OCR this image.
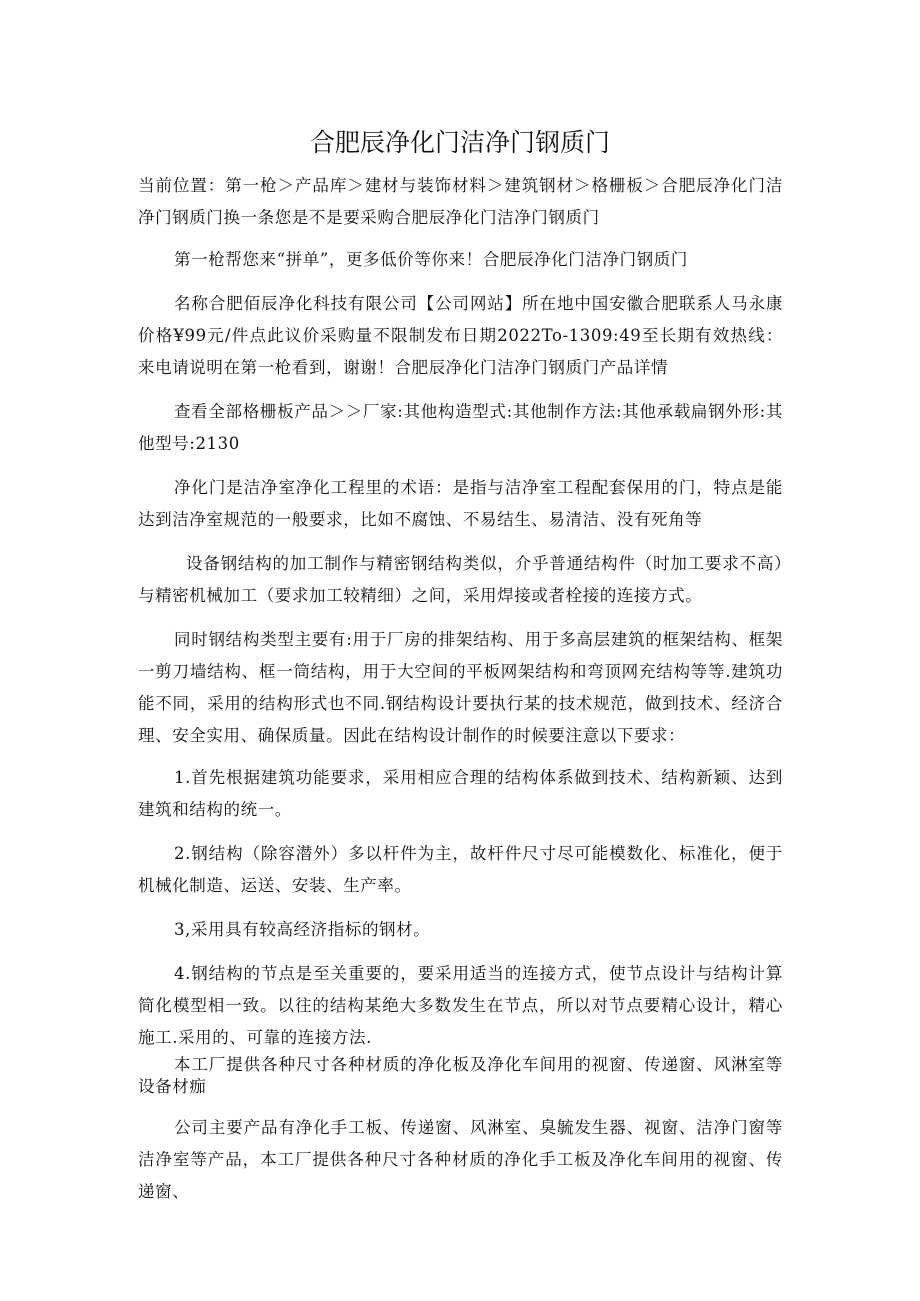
合肥辰净化门洁净门钢质门

当前位置：第一枪＞产品库＞建材与装饰材料＞建筑钢材＞格栅板＞合肥辰净化门洁净门钢质门换一条您是不是要采购合肥辰净化门洁净门钢质门

第一枪帮您来“拼单”，更多低价等你来！合肥辰净化门洁净门钢质门

名称合肥佰辰净化科技有限公司【公司网站】所在地中国安徽合肥联系人马永康价格¥99元/件点此议价采购量不限制发布日期2022To-1309:49至长期有效热线：来电请说明在第一枪看到，谢谢！合肥辰净化门洁净门钢质门产品详情

查看全部格栅板产品＞＞厂家:其他构造型式:其他制作方法:其他承载扁钢外形:其他型号:2130

净化门是洁净室净化工程里的术语：是指与洁净室工程配套保用的门，特点是能达到洁净室规范的一般要求，比如不腐蚀、不易结生、易清洁、没有死角等

设备钢结构的加工制作与精密钢结构类似，介乎普通结构件（时加工要求不高）与精密机械加工（要求加工较精细）之间，采用焊接或者栓接的连接方式。

同时钢结构类型主要有:用于厂房的排架结构、用于多高层建筑的框架结构、框架一剪刀墙结构、框一筒结构，用于大空间的平板网架结构和弯顶网充结构等等.建筑功能不同，采用的结构形式也不同.钢结构设计要执行某的技术规范，做到技术、经济合理、安全实用、确保质量。因此在结构设计制作的时候要注意以下要求：

1.首先根据建筑功能要求，采用相应合理的结构体系做到技术、结构新颖、达到建筑和结构的统一。

2.钢结构（除容潜外）多以杆件为主，故杆件尺寸尽可能模数化、标准化，便于机械化制造、运送、安装、生产率。

3,采用具有较高经济指标的钢材。

4.钢结构的节点是至关重要的，要采用适当的连接方式，使节点设计与结构计算简化模型相一致。以往的结构某绝大多数发生在节点，所以对节点要精心设计，精心施工.采用的、可靠的连接方法.

本工厂提供各种尺寸各种材质的净化板及净化车间用的视窗、传递窗、风淋室等设备材痂

公司主要产品有净化手工板、传递窗、风淋室、臭毓发生器、视窗、洁净门窗等洁净室等产品，本工厂提供各种尺寸各种材质的净化手工板及净化车间用的视窗、传递窗、
